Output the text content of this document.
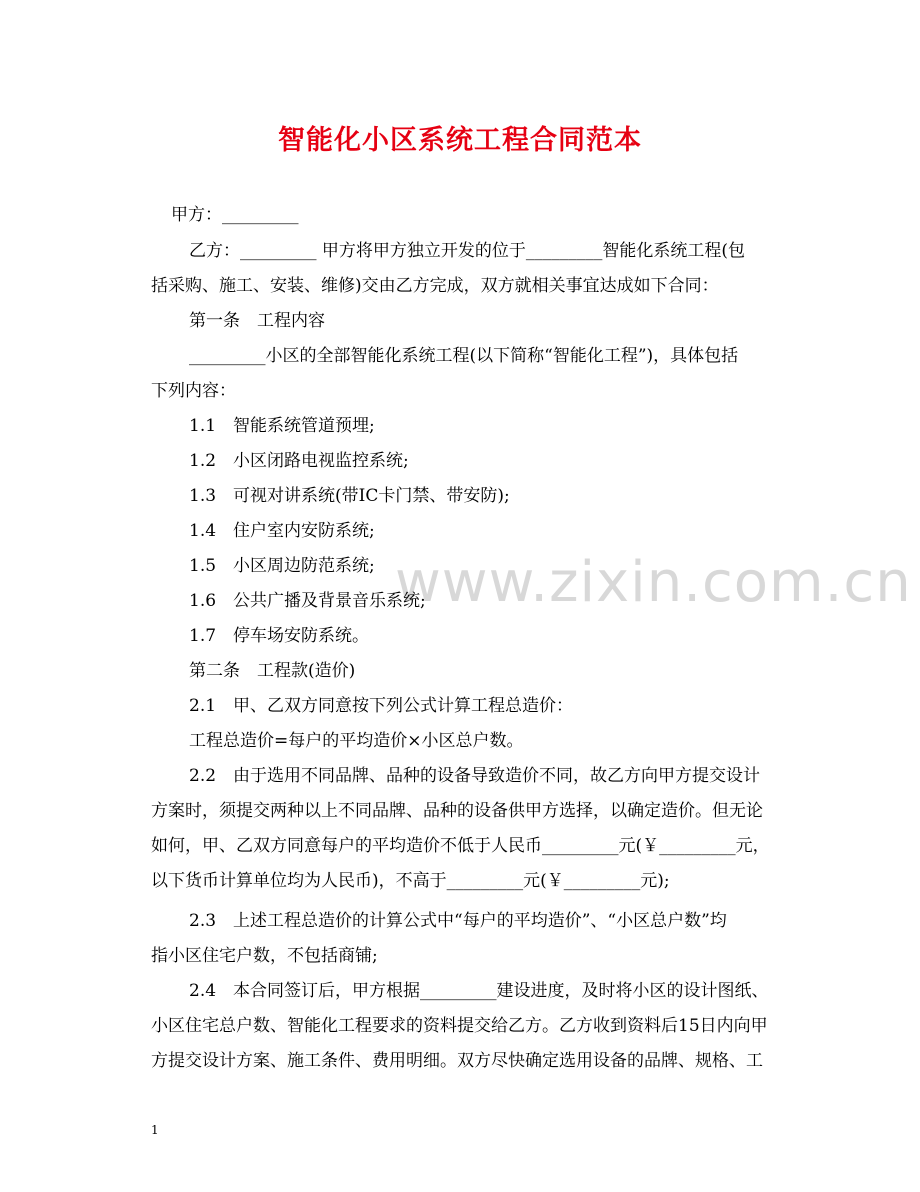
www.zixin.com.cn
智能化小区系统工程合同范本
甲方：_________
乙方：_________ 甲方将甲方独立开发的位于_________智能化系统工程(包
括采购、施工、安装、维修)交由乙方完成，双方就相关事宜达成如下合同：
第一条　工程内容
_________小区的全部智能化系统工程(以下简称“智能化工程”)，具体包括
下列内容：
1.1　智能系统管道预埋;
1.2　小区闭路电视监控系统;
1.3　可视对讲系统(带IC卡门禁、带安防);
1.4　住户室内安防系统;
1.5　小区周边防范系统;
1.6　公共广播及背景音乐系统;
1.7　停车场安防系统。
第二条　工程款(造价)
2.1　甲、乙双方同意按下列公式计算工程总造价：
工程总造价=每户的平均造价×小区总户数。
2.2　由于选用不同品牌、品种的设备导致造价不同，故乙方向甲方提交设计
方案时，须提交两种以上不同品牌、品种的设备供甲方选择，以确定造价。但无论
如何，甲、乙双方同意每户的平均造价不低于人民币_________元(￥_________元，
以下货币计算单位均为人民币)，不高于_________元(￥_________元);
2.3　上述工程总造价的计算公式中“每户的平均造价”、“小区总户数”均
指小区住宅户数，不包括商铺;
2.4　本合同签订后，甲方根据_________建设进度，及时将小区的设计图纸、
小区住宅总户数、智能化工程要求的资料提交给乙方。乙方收到资料后15日内向甲
方提交设计方案、施工条件、费用明细。双方尽快确定选用设备的品牌、规格、工
1
